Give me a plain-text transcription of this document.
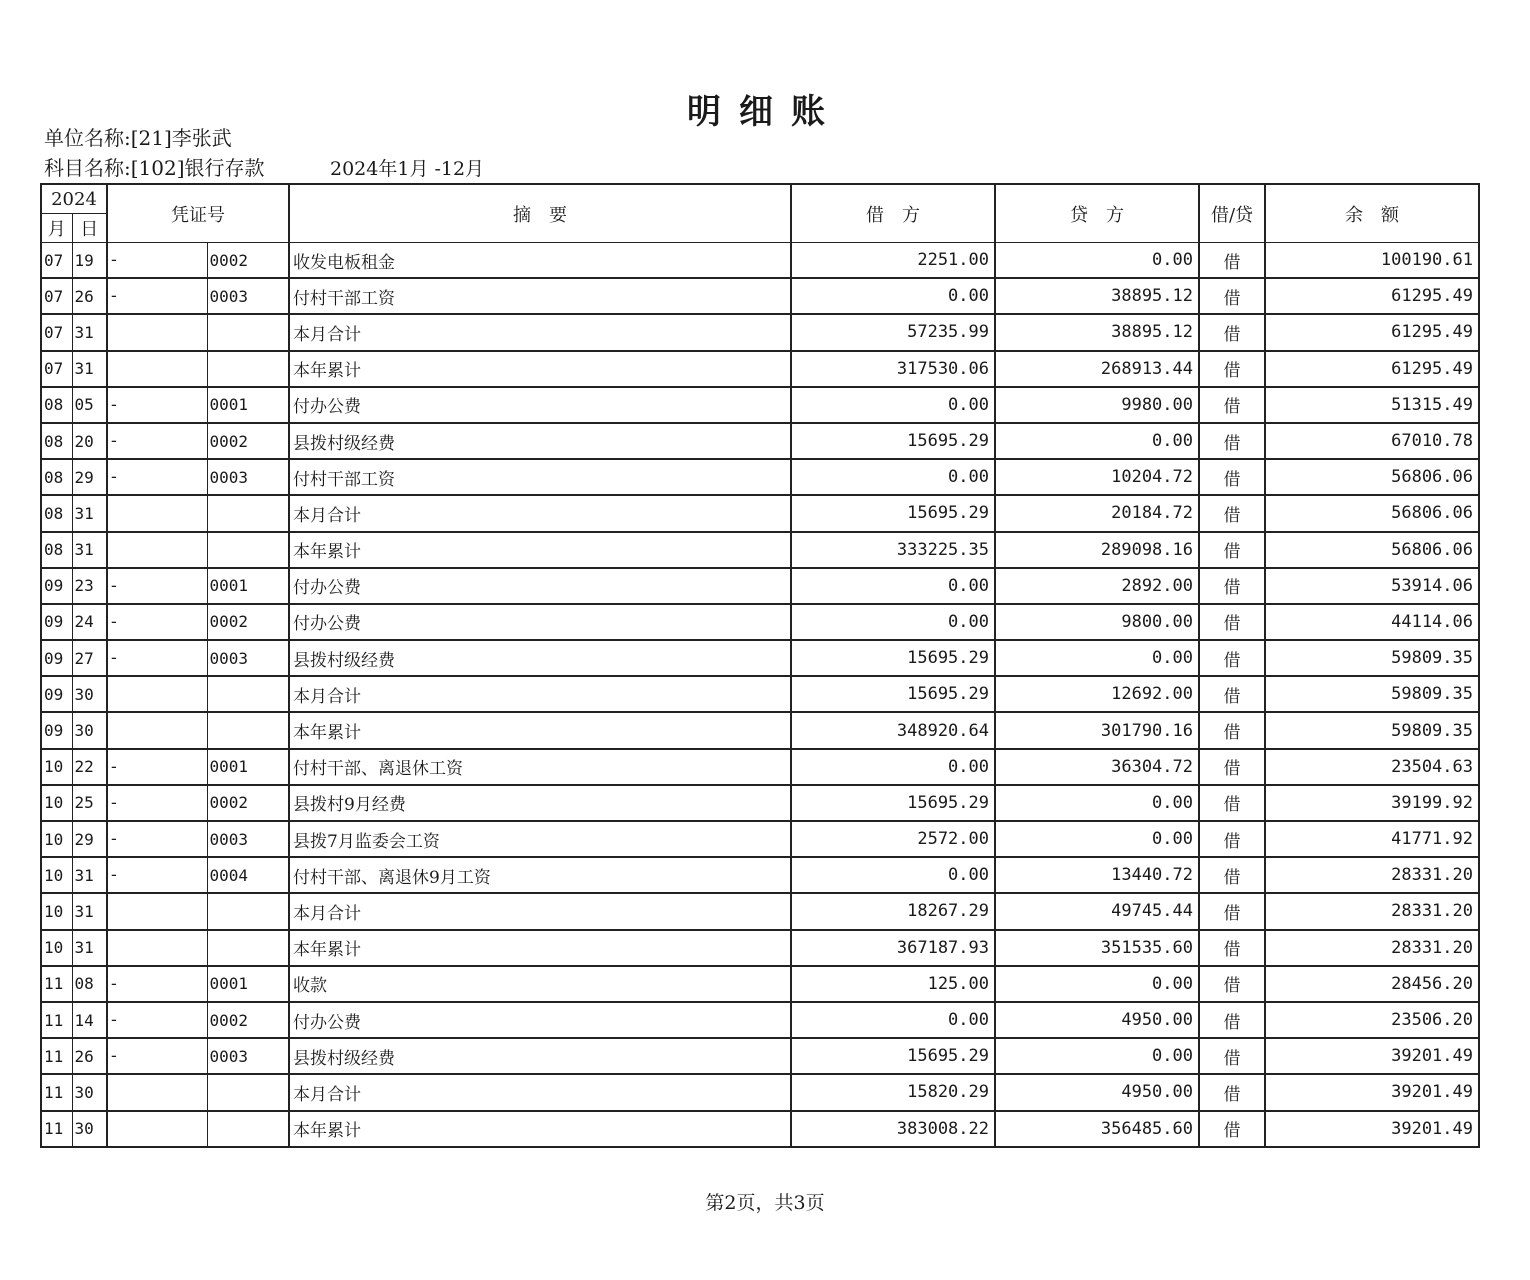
明细账
单位名称:[21]李张武
科目名称:[102]银行存款	2024年1月 -12月
2024		凭证号		摘　要	借　方	贷　方	借/贷	余　额
月	日							
07	19	-	0002	收发电板租金	2251.00	0.00	借	100190.61
07	26	-	0003	付村干部工资	0.00	38895.12	借	61295.49
07	31			本月合计	57235.99	38895.12	借	61295.49
07	31			本年累计	317530.06	268913.44	借	61295.49
08	05	-	0001	付办公费	0.00	9980.00	借	51315.49
08	20	-	0002	县拨村级经费	15695.29	0.00	借	67010.78
08	29	-	0003	付村干部工资	0.00	10204.72	借	56806.06
08	31			本月合计	15695.29	20184.72	借	56806.06
08	31			本年累计	333225.35	289098.16	借	56806.06
09	23	-	0001	付办公费	0.00	2892.00	借	53914.06
09	24	-	0002	付办公费	0.00	9800.00	借	44114.06
09	27	-	0003	县拨村级经费	15695.29	0.00	借	59809.35
09	30			本月合计	15695.29	12692.00	借	59809.35
09	30			本年累计	348920.64	301790.16	借	59809.35
10	22	-	0001	付村干部、离退休工资	0.00	36304.72	借	23504.63
10	25	-	0002	县拨村9月经费	15695.29	0.00	借	39199.92
10	29	-	0003	县拨7月监委会工资	2572.00	0.00	借	41771.92
10	31	-	0004	付村干部、离退休9月工资	0.00	13440.72	借	28331.20
10	31			本月合计	18267.29	49745.44	借	28331.20
10	31			本年累计	367187.93	351535.60	借	28331.20
11	08	-	0001	收款	125.00	0.00	借	28456.20
11	14	-	0002	付办公费	0.00	4950.00	借	23506.20
11	26	-	0003	县拨村级经费	15695.29	0.00	借	39201.49
11	30			本月合计	15820.29	4950.00	借	39201.49
11	30			本年累计	383008.22	356485.60	借	39201.49
第2页，共3页
